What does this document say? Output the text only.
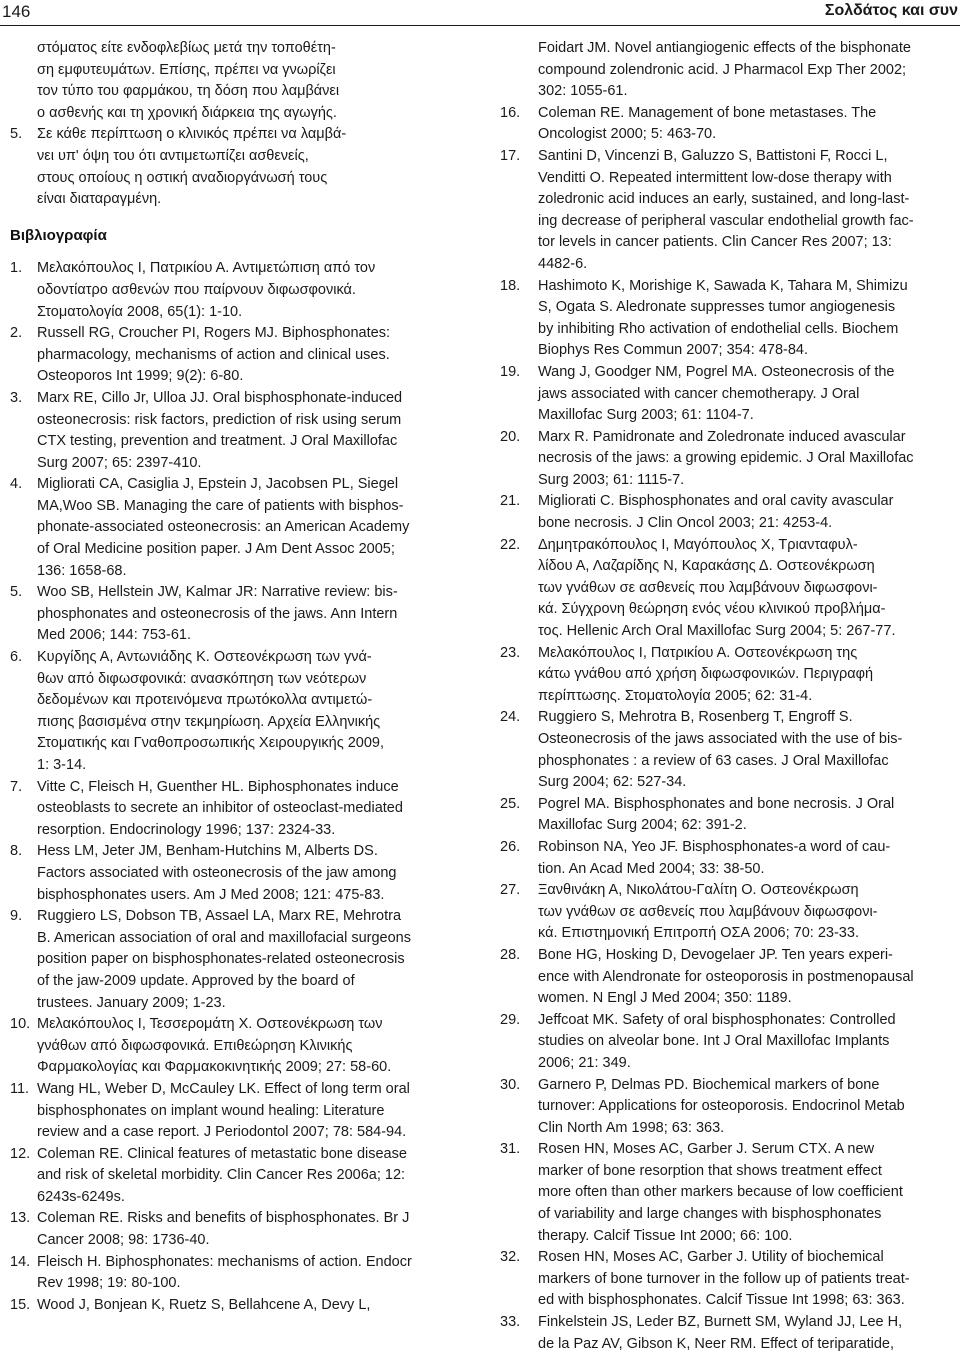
146	Σολδάτος και συν
στόματος είτε ενδοφλεβίως μετά την τοποθέτη-
ση εμφυτευμάτων. Επίσης, πρέπει να γνωρίζει
τον τύπο του φαρμάκου, τη δόση που λαμβάνει
ο ασθενής και τη χρονική διάρκεια της αγωγής.
5. Σε κάθε περίπτωση ο κλινικός πρέπει να λαμβά-
νει υπ' όψη του ότι αντιμετωπίζει ασθενείς,
στους οποίους η οστική αναδιοργάνωσή τους
είναι διαταραγμένη.
Βιβλιογραφία
1. Μελακόπουλος Ι, Πατρικίου Α. Αντιμετώπιση από τον
οδοντίατρο ασθενών που παίρνουν διφωσφονικά.
Στοματολογία 2008, 65(1): 1-10.
2. Russell RG, Croucher PI, Rogers MJ. Biphosphonates:
pharmacology, mechanisms of action and clinical uses.
Osteoporos Int 1999; 9(2): 6-80.
3. Marx RE, Cillo Jr, Ulloa JJ. Oral bisphosphonate-induced
osteonecrosis: risk factors, prediction of risk using serum
CTX testing, prevention and treatment. J Oral Maxillofac
Surg 2007; 65: 2397-410.
4. Migliorati CA, Casiglia J, Epstein J, Jacobsen PL, Siegel
MA,Woo SB. Managing the care of patients with bisphos-
phonate-associated osteonecrosis: an American Academy
of Oral Medicine position paper. J Am Dent Assoc 2005;
136: 1658-68.
5. Woo SB, Hellstein JW, Kalmar JR: Narrative review: bis-
phosphonates and osteonecrosis of the jaws. Ann Intern
Med 2006; 144: 753-61.
6. Κυργίδης Α, Αντωνιάδης Κ. Οστεονέκρωση των γνά-
θων από διφωσφονικά: ανασκόπηση των νεότερων
δεδομένων και προτεινόμενα πρωτόκολλα αντιμετώ-
πισης βασισμένα στην τεκμηρίωση. Αρχεία Ελληνικής
Στοματικής και Γναθοπροσωπικής Χειρουργικής 2009,
1: 3-14.
7. Vitte C, Fleisch H, Guenther HL. Biphosphonates induce
osteoblasts to secrete an inhibitor of osteoclast-mediated
resorption. Endocrinology 1996; 137: 2324-33.
8. Hess LM, Jeter JM, Benham-Hutchins M, Alberts DS.
Factors associated with osteonecrosis of the jaw among
bisphosphonates users. Am J Med 2008; 121: 475-83.
9. Ruggiero LS, Dobson TB, Assael LA, Marx RE, Mehrotra
B. American association of oral and maxillofacial surgeons
position paper on bisphosphonates-related osteonecrosis
of the jaw-2009 update. Approved by the board of
trustees. January 2009; 1-23.
10. Μελακόπουλος Ι, Τεσσερομάτη Χ. Οστεονέκρωση των
γνάθων από διφωσφονικά. Επιθεώρηση Κλινικής
Φαρμακολογίας και Φαρμακοκινητικής 2009; 27: 58-60.
11. Wang HL, Weber D, McCauley LK. Effect of long term oral
bisphosphonates on implant wound healing: Literature
review and a case report. J Periodontol 2007; 78: 584-94.
12. Coleman RE. Clinical features of metastatic bone disease
and risk of skeletal morbidity. Clin Cancer Res 2006a; 12:
6243s-6249s.
13. Coleman RE. Risks and benefits of bisphosphonates. Br J
Cancer 2008; 98: 1736-40.
14. Fleisch H. Biphosphonates: mechanisms of action. Endocr
Rev 1998; 19: 80-100.
15. Wood J, Bonjean K, Ruetz S, Bellahcene A, Devy L,
Foidart JM. Novel antiangiogenic effects of the bisphonate
compound zolendronic acid. J Pharmacol Exp Ther 2002;
302: 1055-61.
16. Coleman RE. Management of bone metastases. The
Oncologist 2000; 5: 463-70.
17. Santini D, Vincenzi B, Galuzzo S, Battistoni F, Rocci L,
Venditti O. Repeated intermittent low-dose therapy with
zoledronic acid induces an early, sustained, and long-last-
ing decrease of peripheral vascular endothelial growth fac-
tor levels in cancer patients. Clin Cancer Res 2007; 13:
4482-6.
18. Hashimoto K, Morishige K, Sawada K, Tahara M, Shimizu
S, Ogata S. Aledronate suppresses tumor angiogenesis
by inhibiting Rho activation of endothelial cells. Biochem
Biophys Res Commun 2007; 354: 478-84.
19. Wang J, Goodger NM, Pogrel MA. Osteonecrosis of the
jaws associated with cancer chemotherapy. J Oral
Maxillofac Surg 2003; 61: 1104-7.
20. Marx R. Pamidronate and Zoledronate induced avascular
necrosis of the jaws: a growing epidemic. J Oral Maxillofac
Surg 2003; 61: 1115-7.
21. Migliorati C. Bisphosphonates and oral cavity avascular
bone necrosis. J Clin Oncol 2003; 21: 4253-4.
22. Δημητρακόπουλος Ι, Μαγόπουλος Χ, Τριανταφυλ-
λίδου Α, Λαζαρίδης Ν, Καρακάσης Δ. Οστεονέκρωση
των γνάθων σε ασθενείς που λαμβάνουν διφωσφονι-
κά. Σύγχρονη θεώρηση ενός νέου κλινικού προβλήμα-
τος. Hellenic Arch Oral Maxillofac Surg 2004; 5: 267-77.
23. Μελακόπουλος Ι, Πατρικίου Α. Οστεονέκρωση της
κάτω γνάθου από χρήση διφωσφονικών. Περιγραφή
περίπτωσης. Στοματολογία 2005; 62: 31-4.
24. Ruggiero S, Mehrotra B, Rosenberg T, Engroff S.
Osteonecrosis of the jaws associated with the use of bis-
phosphonates : a review of 63 cases. J Oral Maxillofac
Surg 2004; 62: 527-34.
25. Pogrel MA. Bisphosphonates and bone necrosis. J Oral
Maxillofac Surg 2004; 62: 391-2.
26. Robinson NA, Yeo JF. Bisphosphonates-a word of cau-
tion. An Acad Med 2004; 33: 38-50.
27. Ξανθινάκη Α, Νικολάτου-Γαλίτη Ο. Οστεονέκρωση
των γνάθων σε ασθενείς που λαμβάνουν διφωσφονι-
κά. Επιστημονική Επιτροπή ΟΣΑ 2006; 70: 23-33.
28. Bone HG, Hosking D, Devogelaer JP. Ten years experi-
ence with Alendronate for osteoporosis in postmenopausal
women. N Engl J Med 2004; 350: 1189.
29. Jeffcoat MK. Safety of oral bisphosphonates: Controlled
studies on alveolar bone. Int J Oral Maxillofac Implants
2006; 21: 349.
30. Garnero P, Delmas PD. Biochemical markers of bone
turnover: Applications for osteoporosis. Endocrinol Metab
Clin North Am 1998; 63: 363.
31. Rosen HN, Moses AC, Garber J. Serum CTX. A new
marker of bone resorption that shows treatment effect
more often than other markers because of low coefficient
of variability and large changes with bisphosphonates
therapy. Calcif Tissue Int 2000; 66: 100.
32. Rosen HN, Moses AC, Garber J. Utility of biochemical
markers of bone turnover in the follow up of patients treat-
ed with bisphosphonates. Calcif Tissue Int 1998; 63: 363.
33. Finkelstein JS, Leder BZ, Burnett SM, Wyland JJ, Lee H,
de la Paz AV, Gibson K, Neer RM. Effect of teriparatide,
